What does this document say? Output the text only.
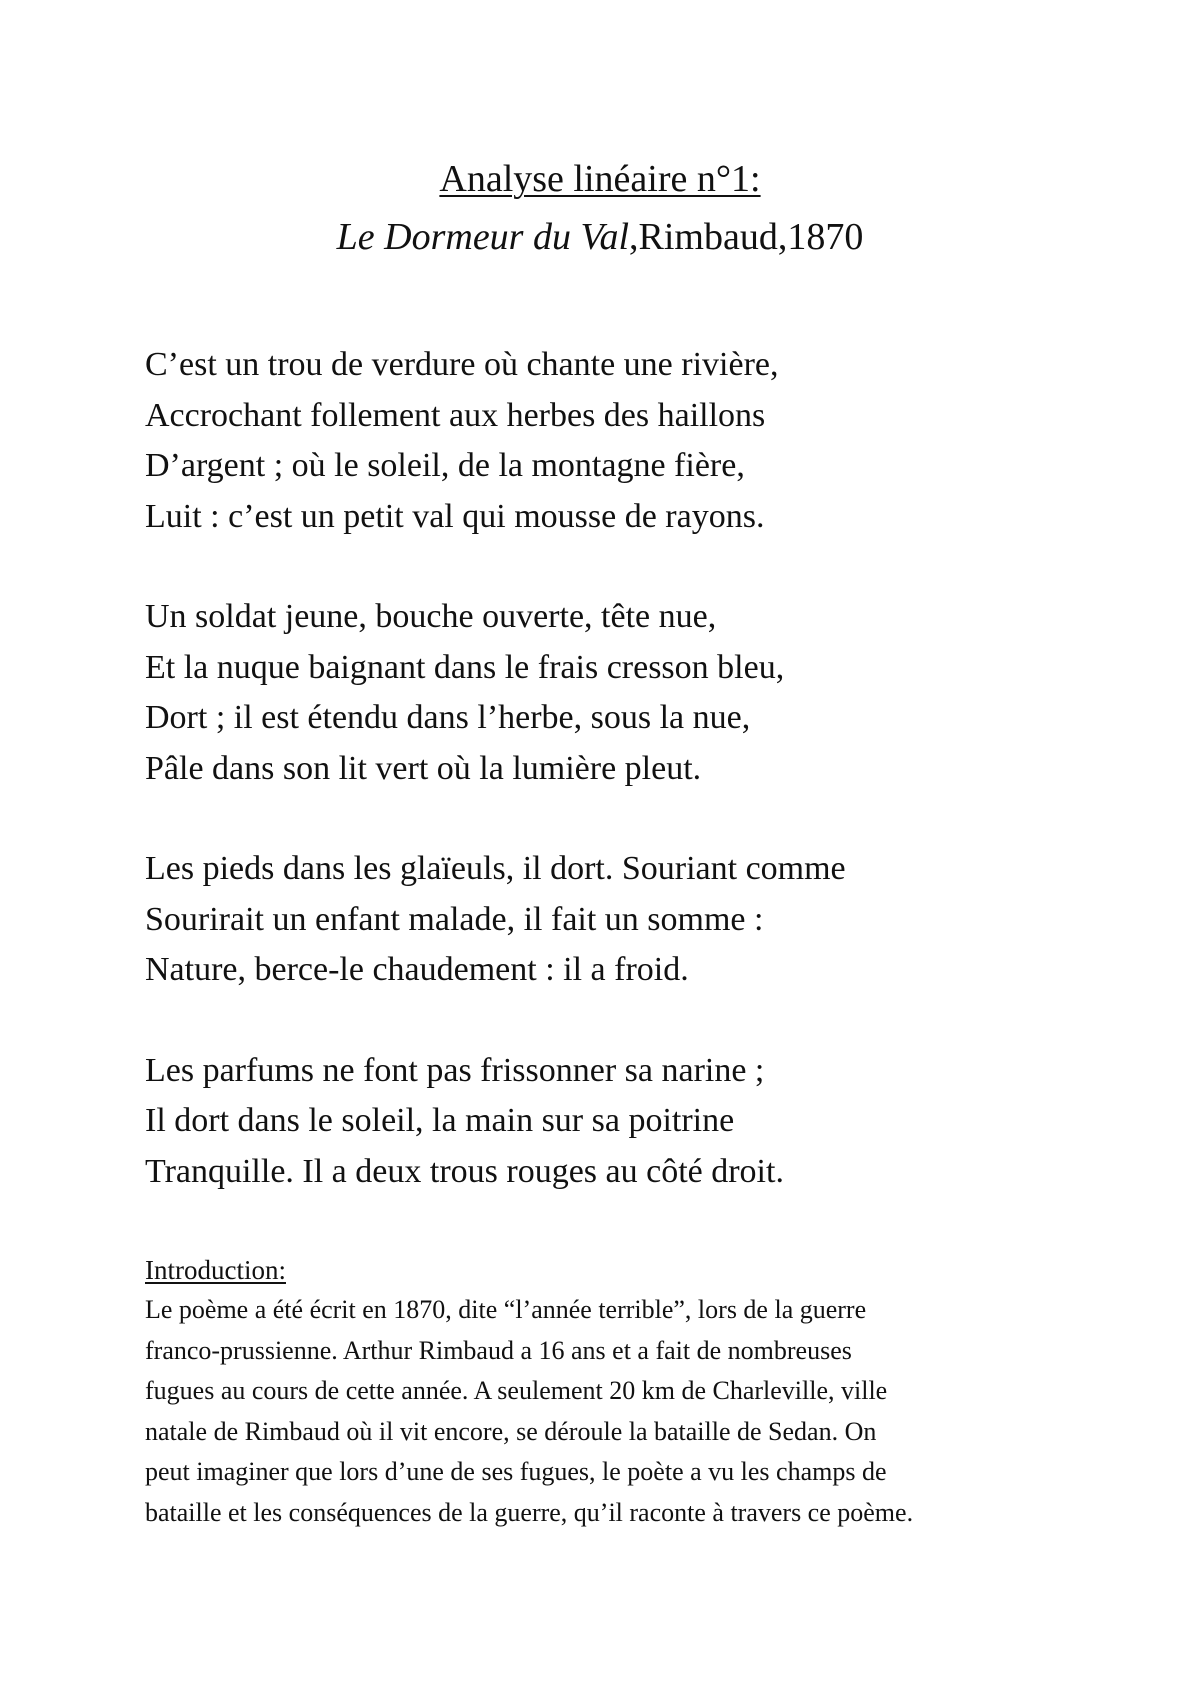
Analyse linéaire n°1:
Le Dormeur du Val,Rimbaud,1870
C’est un trou de verdure où chante une rivière,
Accrochant follement aux herbes des haillons
D’argent ; où le soleil, de la montagne fière,
Luit : c’est un petit val qui mousse de rayons.
Un soldat jeune, bouche ouverte, tête nue,
Et la nuque baignant dans le frais cresson bleu,
Dort ; il est étendu dans l’herbe, sous la nue,
Pâle dans son lit vert où la lumière pleut.
Les pieds dans les glaïeuls, il dort. Souriant comme
Sourirait un enfant malade, il fait un somme :
Nature, berce-le chaudement : il a froid.
Les parfums ne font pas frissonner sa narine ;
Il dort dans le soleil, la main sur sa poitrine
Tranquille. Il a deux trous rouges au côté droit.
Introduction:
Le poème a été écrit en 1870, dite “l’année terrible”, lors de la guerre
franco-prussienne. Arthur Rimbaud a 16 ans et a fait de nombreuses
fugues au cours de cette année. A seulement 20 km de Charleville, ville
natale de Rimbaud où il vit encore, se déroule la bataille de Sedan. On
peut imaginer que lors d’une de ses fugues, le poète a vu les champs de
bataille et les conséquences de la guerre, qu’il raconte à travers ce poème.
